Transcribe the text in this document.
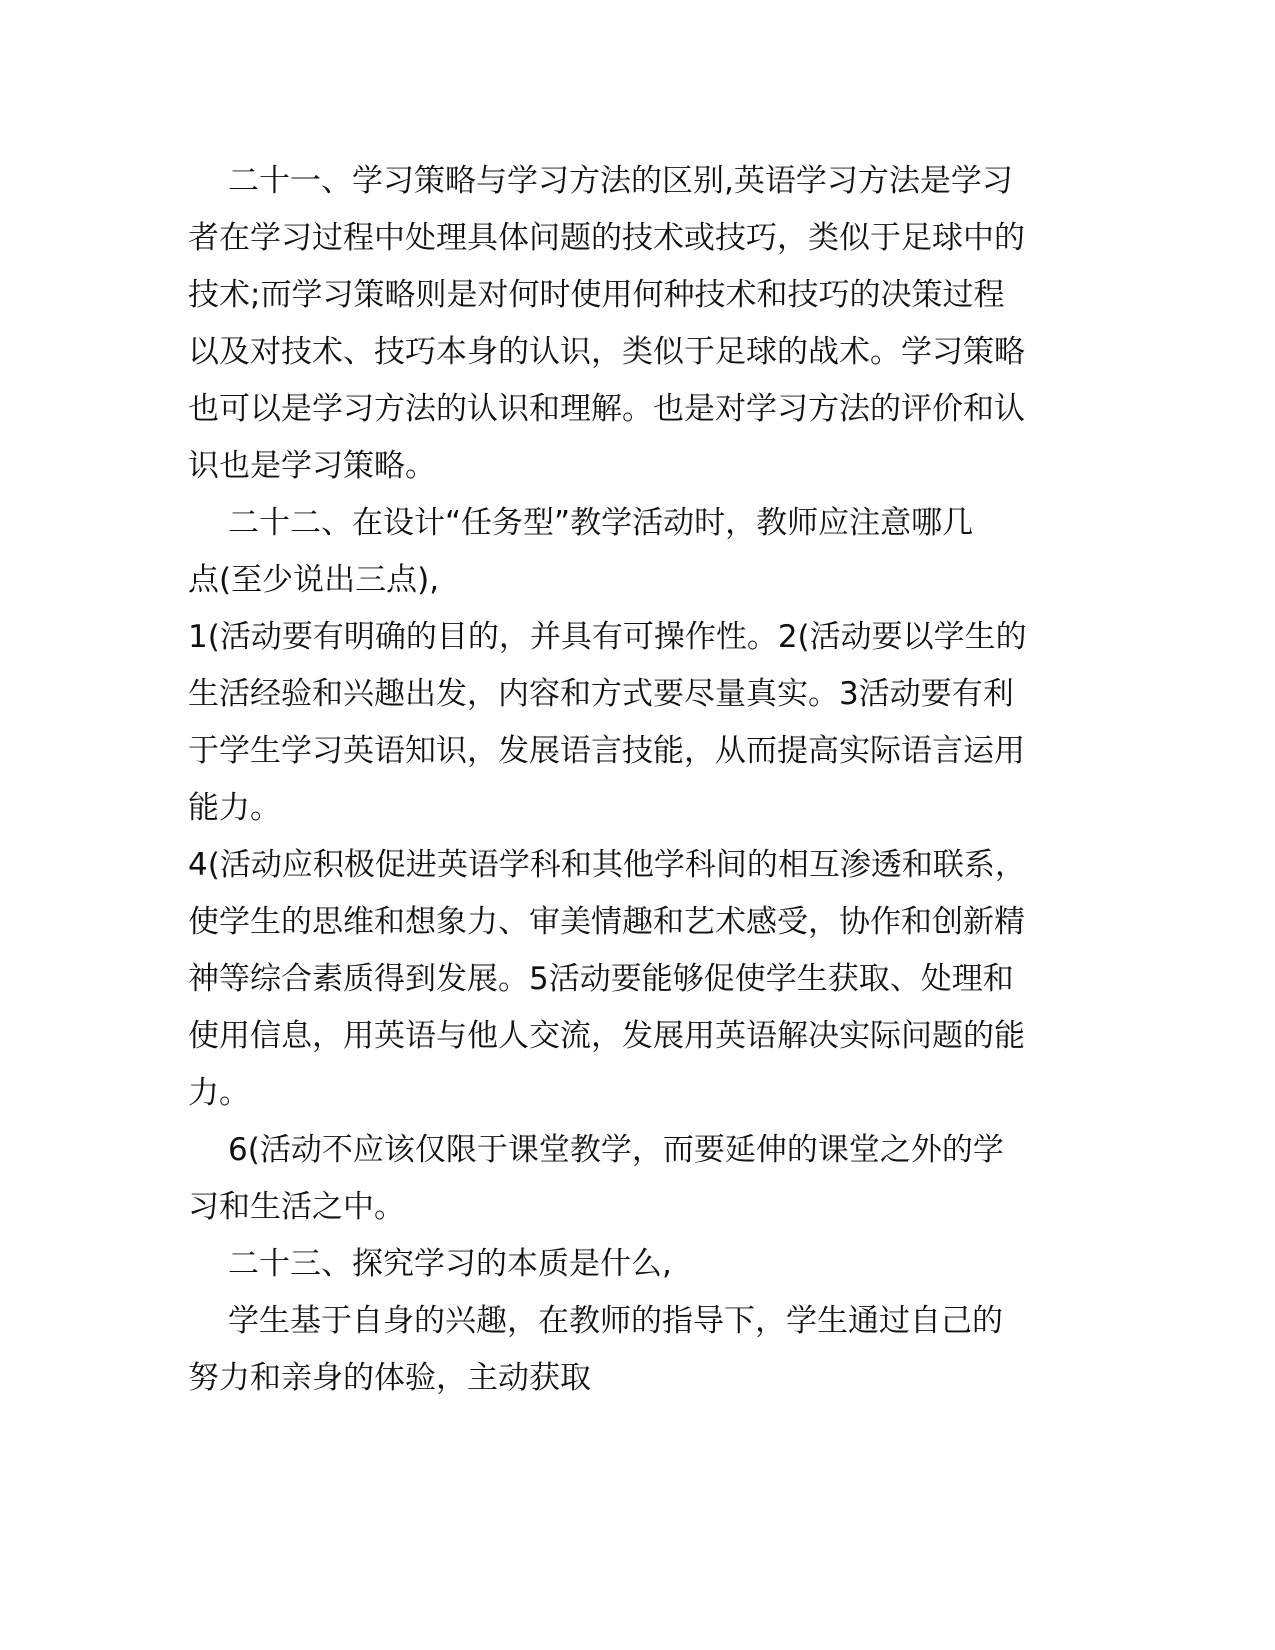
二十一、学习策略与学习方法的区别,英语学习方法是学习
者在学习过程中处理具体问题的技术或技巧，类似于足球中的
技术;而学习策略则是对何时使用何种技术和技巧的决策过程
以及对技术、技巧本身的认识，类似于足球的战术。学习策略
也可以是学习方法的认识和理解。也是对学习方法的评价和认
识也是学习策略。
二十二、在设计“任务型”教学活动时，教师应注意哪几
点(至少说出三点),
1(活动要有明确的目的，并具有可操作性。2(活动要以学生的
生活经验和兴趣出发，内容和方式要尽量真实。3活动要有利
于学生学习英语知识，发展语言技能，从而提高实际语言运用
能力。
4(活动应积极促进英语学科和其他学科间的相互渗透和联系，
使学生的思维和想象力、审美情趣和艺术感受，协作和创新精
神等综合素质得到发展。5活动要能够促使学生获取、处理和
使用信息，用英语与他人交流，发展用英语解决实际问题的能
力。
6(活动不应该仅限于课堂教学，而要延伸的课堂之外的学
习和生活之中。
二十三、探究学习的本质是什么,
学生基于自身的兴趣，在教师的指导下，学生通过自己的
努力和亲身的体验，主动获取
